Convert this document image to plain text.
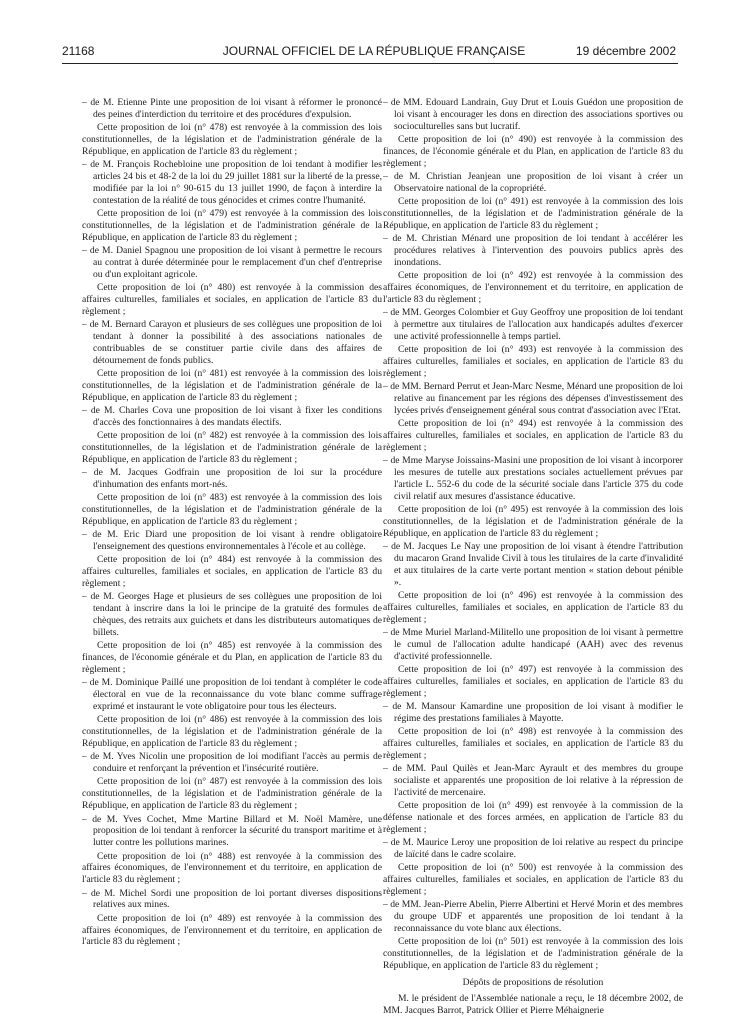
21168	JOURNAL OFFICIEL DE LA RÉPUBLIQUE FRANÇAISE	19 décembre 2002

– de M. Etienne Pinte une proposition de loi visant à réformer le prononcé des peines d'interdiction du territoire et des procédures d'expulsion.

Cette proposition de loi (n° 478) est renvoyée à la commission des lois constitutionnelles, de la législation et de l'administration générale de la République, en application de l'article 83 du règlement ;

– de M. François Rochebloine une proposition de loi tendant à modifier les articles 24 bis et 48-2 de la loi du 29 juillet 1881 sur la liberté de la presse, modifiée par la loi n° 90-615 du 13 juillet 1990, de façon à interdire la contestation de la réalité de tous génocides et crimes contre l'humanité.

Cette proposition de loi (n° 479) est renvoyée à la commission des lois constitutionnelles, de la législation et de l'administration générale de la République, en application de l'article 83 du règlement ;

– de M. Daniel Spagnou une proposition de loi visant à permettre le recours au contrat à durée déterminée pour le remplacement d'un chef d'entreprise ou d'un exploitant agricole.

Cette proposition de loi (n° 480) est renvoyée à la commission des affaires culturelles, familiales et sociales, en application de l'article 83 du règlement ;

– de M. Bernard Carayon et plusieurs de ses collègues une proposition de loi tendant à donner la possibilité à des associations nationales de contribuables de se constituer partie civile dans des affaires de détournement de fonds publics.

Cette proposition de loi (n° 481) est renvoyée à la commission des lois constitutionnelles, de la législation et de l'administration générale de la République, en application de l'article 83 du règlement ;

– de M. Charles Cova une proposition de loi visant à fixer les conditions d'accès des fonctionnaires à des mandats électifs.

Cette proposition de loi (n° 482) est renvoyée à la commission des lois constitutionnelles, de la législation et de l'administration générale de la République, en application de l'article 83 du règlement ;

– de M. Jacques Godfrain une proposition de loi sur la procédure d'inhumation des enfants mort-nés.

Cette proposition de loi (n° 483) est renvoyée à la commission des lois constitutionnelles, de la législation et de l'administration générale de la République, en application de l'article 83 du règlement ;

– de M. Eric Diard une proposition de loi visant à rendre obligatoire l'enseignement des questions environnementales à l'école et au collège.

Cette proposition de loi (n° 484) est renvoyée à la commission des affaires culturelles, familiales et sociales, en application de l'article 83 du règlement ;

– de M. Georges Hage et plusieurs de ses collègues une proposition de loi tendant à inscrire dans la loi le principe de la gratuité des formules de chèques, des retraits aux guichets et dans les distributeurs automatiques de billets.

Cette proposition de loi (n° 485) est renvoyée à la commission des finances, de l'économie générale et du Plan, en application de l'article 83 du règlement ;

– de M. Dominique Paillé une proposition de loi tendant à compléter le code électoral en vue de la reconnaissance du vote blanc comme suffrage exprimé et instaurant le vote obligatoire pour tous les électeurs.

Cette proposition de loi (n° 486) est renvoyée à la commission des lois constitutionnelles, de la législation et de l'administration générale de la République, en application de l'article 83 du règlement ;

– de M. Yves Nicolin une proposition de loi modifiant l'accès au permis de conduire et renforçant la prévention et l'insécurité routière.

Cette proposition de loi (n° 487) est renvoyée à la commission des lois constitutionnelles, de la législation et de l'administration générale de la République, en application de l'article 83 du règlement ;

– de M. Yves Cochet, Mme Martine Billard et M. Noël Mamère, une proposition de loi tendant à renforcer la sécurité du transport maritime et à lutter contre les pollutions marines.

Cette proposition de loi (n° 488) est renvoyée à la commission des affaires économiques, de l'environnement et du territoire, en application de l'article 83 du règlement ;

– de M. Michel Sordi une proposition de loi portant diverses dispositions relatives aux mines.

Cette proposition de loi (n° 489) est renvoyée à la commission des affaires économiques, de l'environnement et du territoire, en application de l'article 83 du règlement ;

– de MM. Edouard Landrain, Guy Drut et Louis Guédon une proposition de loi visant à encourager les dons en direction des associations sportives ou socioculturelles sans but lucratif.

Cette proposition de loi (n° 490) est renvoyée à la commission des finances, de l'économie générale et du Plan, en application de l'article 83 du règlement ;

– de M. Christian Jeanjean une proposition de loi visant à créer un Observatoire national de la copropriété.

Cette proposition de loi (n° 491) est renvoyée à la commission des lois constitutionnelles, de la législation et de l'administration générale de la République, en application de l'article 83 du règlement ;

– de M. Christian Ménard une proposition de loi tendant à accélérer les procédures relatives à l'intervention des pouvoirs publics après des inondations.

Cette proposition de loi (n° 492) est renvoyée à la commission des affaires économiques, de l'environnement et du territoire, en application de l'article 83 du règlement ;

– de MM. Georges Colombier et Guy Geoffroy une proposition de loi tendant à permettre aux titulaires de l'allocation aux handicapés adultes d'exercer une activité professionnelle à temps partiel.

Cette proposition de loi (n° 493) est renvoyée à la commission des affaires culturelles, familiales et sociales, en application de l'article 83 du règlement ;

– de MM. Bernard Perrut et Jean-Marc Nesme, Ménard une proposition de loi relative au financement par les régions des dépenses d'investissement des lycées privés d'enseignement général sous contrat d'association avec l'Etat.

Cette proposition de loi (n° 494) est renvoyée à la commission des affaires culturelles, familiales et sociales, en application de l'article 83 du règlement ;

– de Mme Maryse Joissains-Masini une proposition de loi visant à incorporer les mesures de tutelle aux prestations sociales actuellement prévues par l'article L. 552-6 du code de la sécurité sociale dans l'article 375 du code civil relatif aux mesures d'assistance éducative.

Cette proposition de loi (n° 495) est renvoyée à la commission des lois constitutionnelles, de la législation et de l'administration générale de la République, en application de l'article 83 du règlement ;

– de M. Jacques Le Nay une proposition de loi visant à étendre l'attribution du macaron Grand Invalide Civil à tous les titulaires de la carte d'invalidité et aux titulaires de la carte verte portant mention « station debout pénible ».

Cette proposition de loi (n° 496) est renvoyée à la commission des affaires culturelles, familiales et sociales, en application de l'article 83 du règlement ;

– de Mme Muriel Marland-Militello une proposition de loi visant à permettre le cumul de l'allocation adulte handicapé (AAH) avec des revenus d'activité professionnelle.

Cette proposition de loi (n° 497) est renvoyée à la commission des affaires culturelles, familiales et sociales, en application de l'article 83 du règlement ;

– de M. Mansour Kamardine une proposition de loi visant à modifier le régime des prestations familiales à Mayotte.

Cette proposition de loi (n° 498) est renvoyée à la commission des affaires culturelles, familiales et sociales, en application de l'article 83 du règlement ;

– de MM. Paul Quilès et Jean-Marc Ayrault et des membres du groupe socialiste et apparentés une proposition de loi relative à la répression de l'activité de mercenaire.

Cette proposition de loi (n° 499) est renvoyée à la commission de la défense nationale et des forces armées, en application de l'article 83 du règlement ;

– de M. Maurice Leroy une proposition de loi relative au respect du principe de laïcité dans le cadre scolaire.

Cette proposition de loi (n° 500) est renvoyée à la commission des affaires culturelles, familiales et sociales, en application de l'article 83 du règlement ;

– de MM. Jean-Pierre Abelin, Pierre Albertini et Hervé Morin et des membres du groupe UDF et apparentés une proposition de loi tendant à la reconnaissance du vote blanc aux élections.

Cette proposition de loi (n° 501) est renvoyée à la commission des lois constitutionnelles, de la législation et de l'administration générale de la République, en application de l'article 83 du règlement ;

Dépôts de propositions de résolution

M. le président de l'Assemblée nationale a reçu, le 18 décembre 2002, de MM. Jacques Barrot, Patrick Ollier et Pierre Méhaignerie
